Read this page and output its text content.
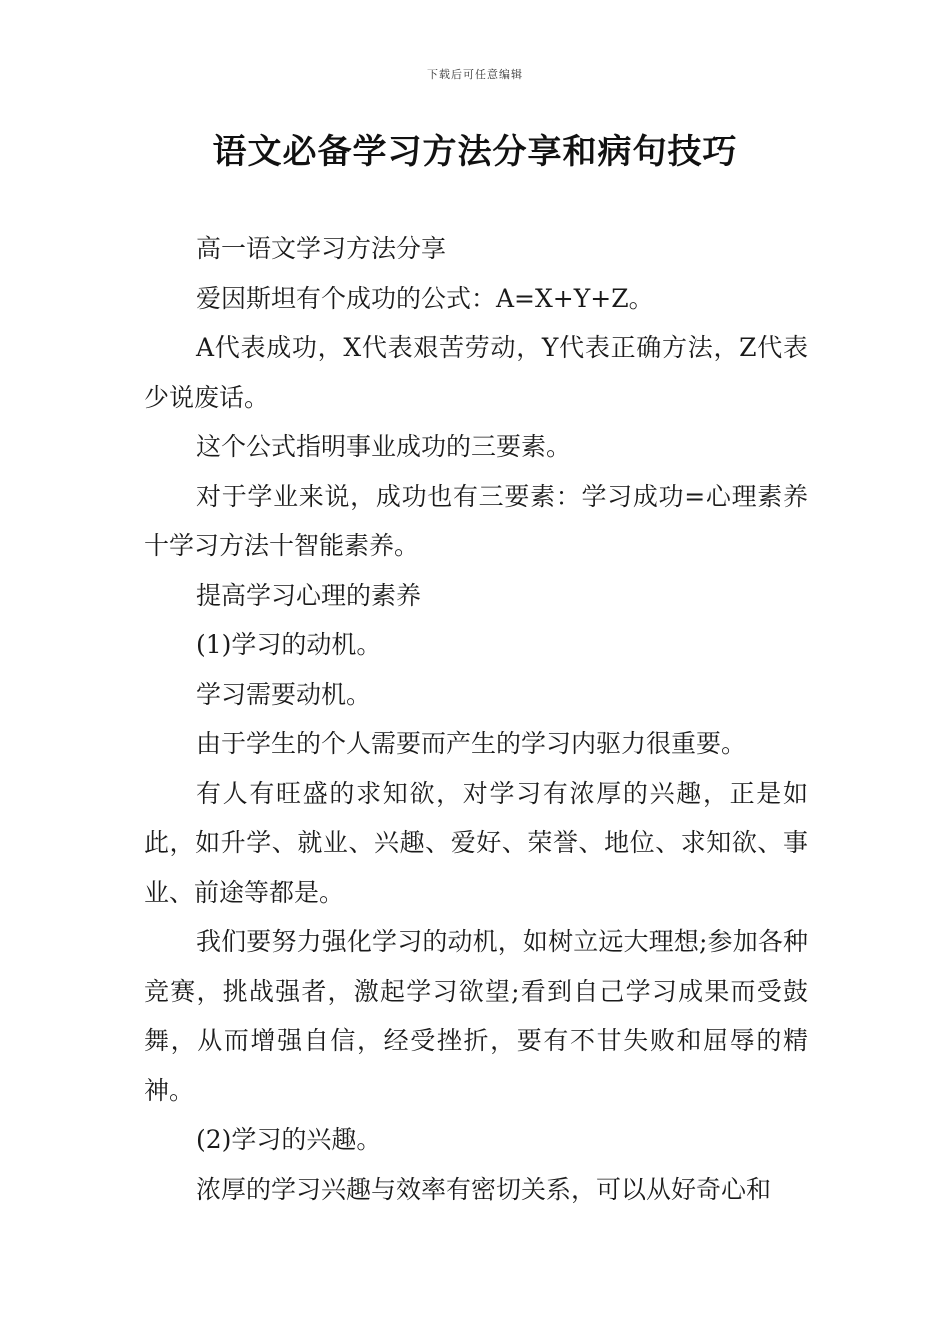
下载后可任意编辑
语文必备学习方法分享和病句技巧

高一语文学习方法分享

爱因斯坦有个成功的公式：A=X+Y+Z。

A代表成功，X代表艰苦劳动，Y代表正确方法，Z代表少说废话。

这个公式指明事业成功的三要素。

对于学业来说，成功也有三要素：学习成功=心理素养十学习方法十智能素养。

提高学习心理的素养

(1)学习的动机。

学习需要动机。

由于学生的个人需要而产生的学习内驱力很重要。

有人有旺盛的求知欲，对学习有浓厚的兴趣，正是如此，如升学、就业、兴趣、爱好、荣誉、地位、求知欲、事业、前途等都是。

我们要努力强化学习的动机，如树立远大理想;参加各种竞赛，挑战强者，激起学习欲望;看到自己学习成果而受鼓舞，从而增强自信，经受挫折，要有不甘失败和屈辱的精神。

(2)学习的兴趣。

浓厚的学习兴趣与效率有密切关系，可以从好奇心和
